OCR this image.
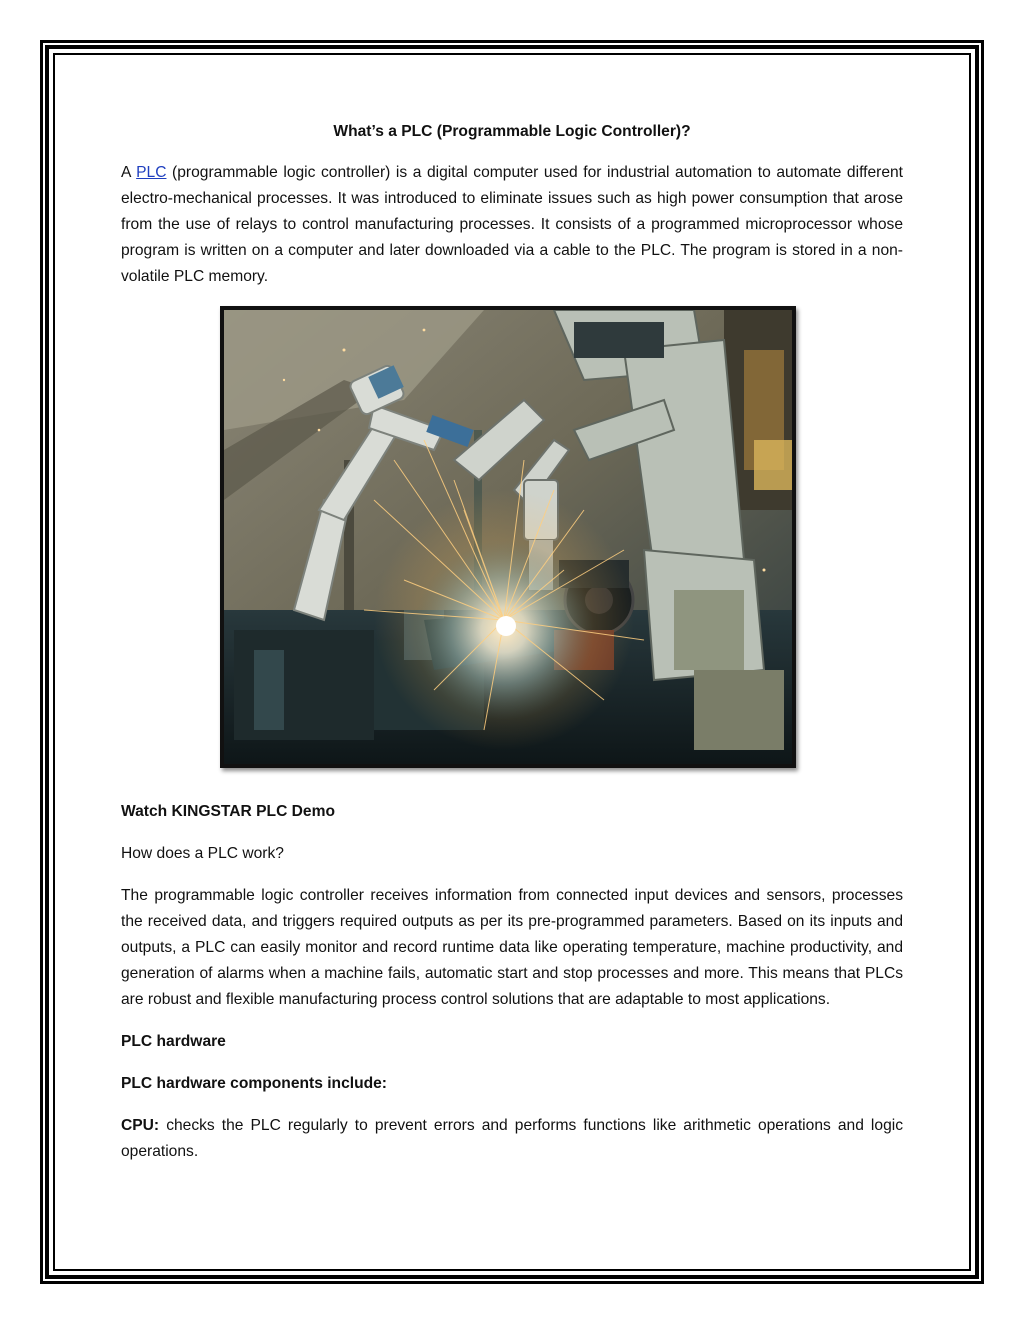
What’s a PLC (Programmable Logic Controller)?

A PLC (programmable logic controller) is a digital computer used for industrial automation to automate different electro-mechanical processes. It was introduced to eliminate issues such as high power consumption that arose from the use of relays to control manufacturing processes. It consists of a programmed microprocessor whose program is written on a computer and later downloaded via a cable to the PLC. The program is stored in a non-volatile PLC memory.

Watch KINGSTAR PLC Demo

How does a PLC work?

The programmable logic controller receives information from connected input devices and sensors, processes the received data, and triggers required outputs as per its pre-programmed parameters. Based on its inputs and outputs, a PLC can easily monitor and record runtime data like operating temperature, machine productivity, and generation of alarms when a machine fails, automatic start and stop processes and more. This means that PLCs are robust and flexible manufacturing process control solutions that are adaptable to most applications.

PLC hardware
PLC hardware components include:

CPU: checks the PLC regularly to prevent errors and performs functions like arithmetic operations and logic operations.
